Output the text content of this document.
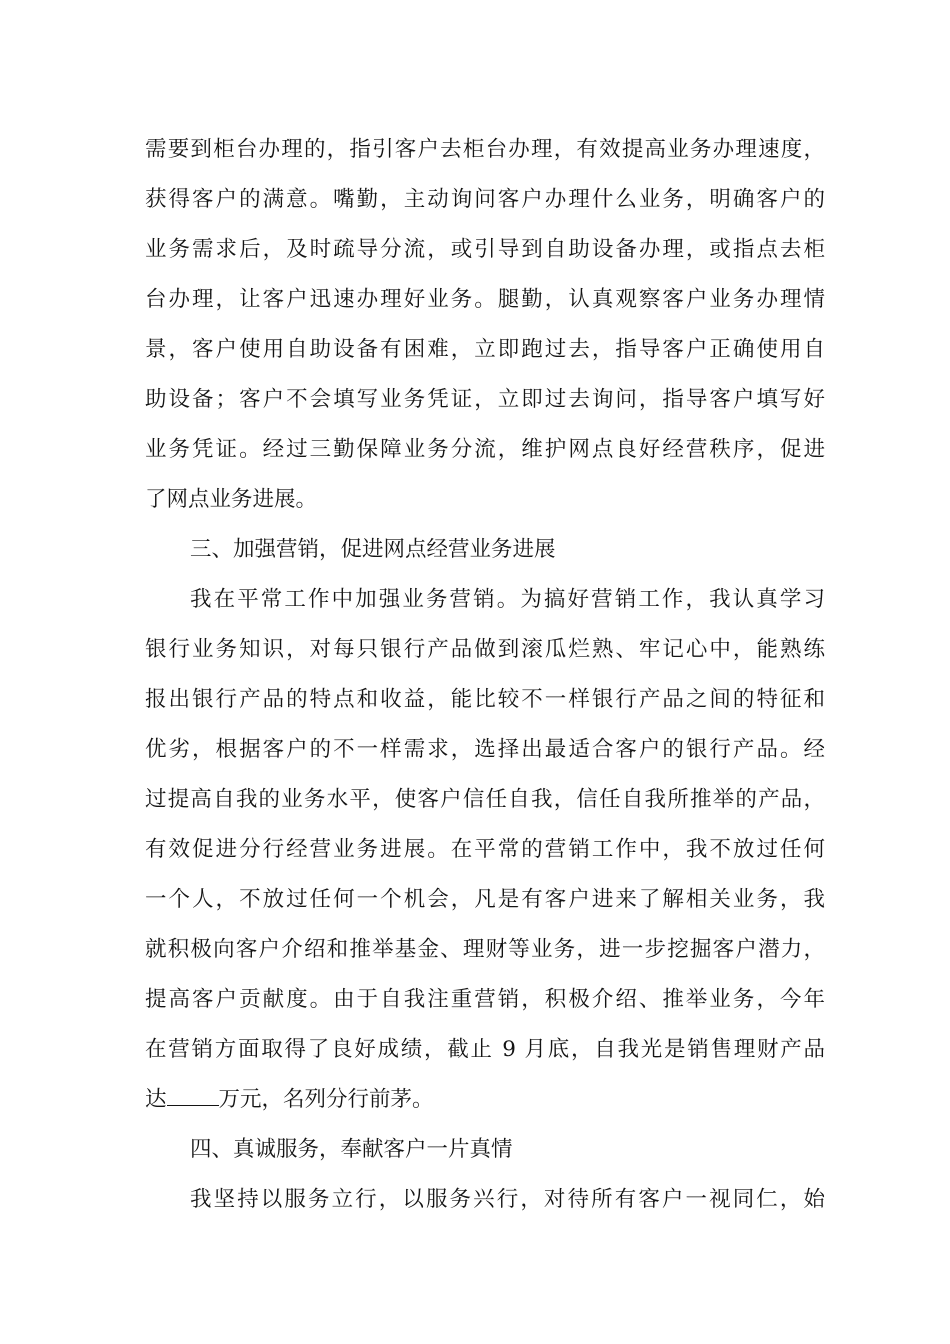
需要到柜台办理的，指引客户去柜台办理，有效提高业务办理速度，
获得客户的满意。嘴勤，主动询问客户办理什么业务，明确客户的
业务需求后，及时疏导分流，或引导到自助设备办理，或指点去柜
台办理，让客户迅速办理好业务。腿勤，认真观察客户业务办理情
景，客户使用自助设备有困难，立即跑过去，指导客户正确使用自
助设备；客户不会填写业务凭证，立即过去询问，指导客户填写好
业务凭证。经过三勤保障业务分流，维护网点良好经营秩序，促进
了网点业务进展。
三、加强营销，促进网点经营业务进展
我在平常工作中加强业务营销。为搞好营销工作，我认真学习
银行业务知识，对每只银行产品做到滚瓜烂熟、牢记心中，能熟练
报出银行产品的特点和收益，能比较不一样银行产品之间的特征和
优劣，根据客户的不一样需求，选择出最适合客户的银行产品。经
过提高自我的业务水平，使客户信任自我，信任自我所推举的产品，
有效促进分行经营业务进展。在平常的营销工作中，我不放过任何
一个人，不放过任何一个机会，凡是有客户进来了解相关业务，我
就积极向客户介绍和推举基金、理财等业务，进一步挖掘客户潜力，
提高客户贡献度。由于自我注重营销，积极介绍、推举业务，今年
在营销方面取得了良好成绩，截止 9 月底，自我光是销售理财产品
达 万元，名列分行前茅。
四、真诚服务，奉献客户一片真情
我坚持以服务立行，以服务兴行，对待所有客户一视同仁，始
